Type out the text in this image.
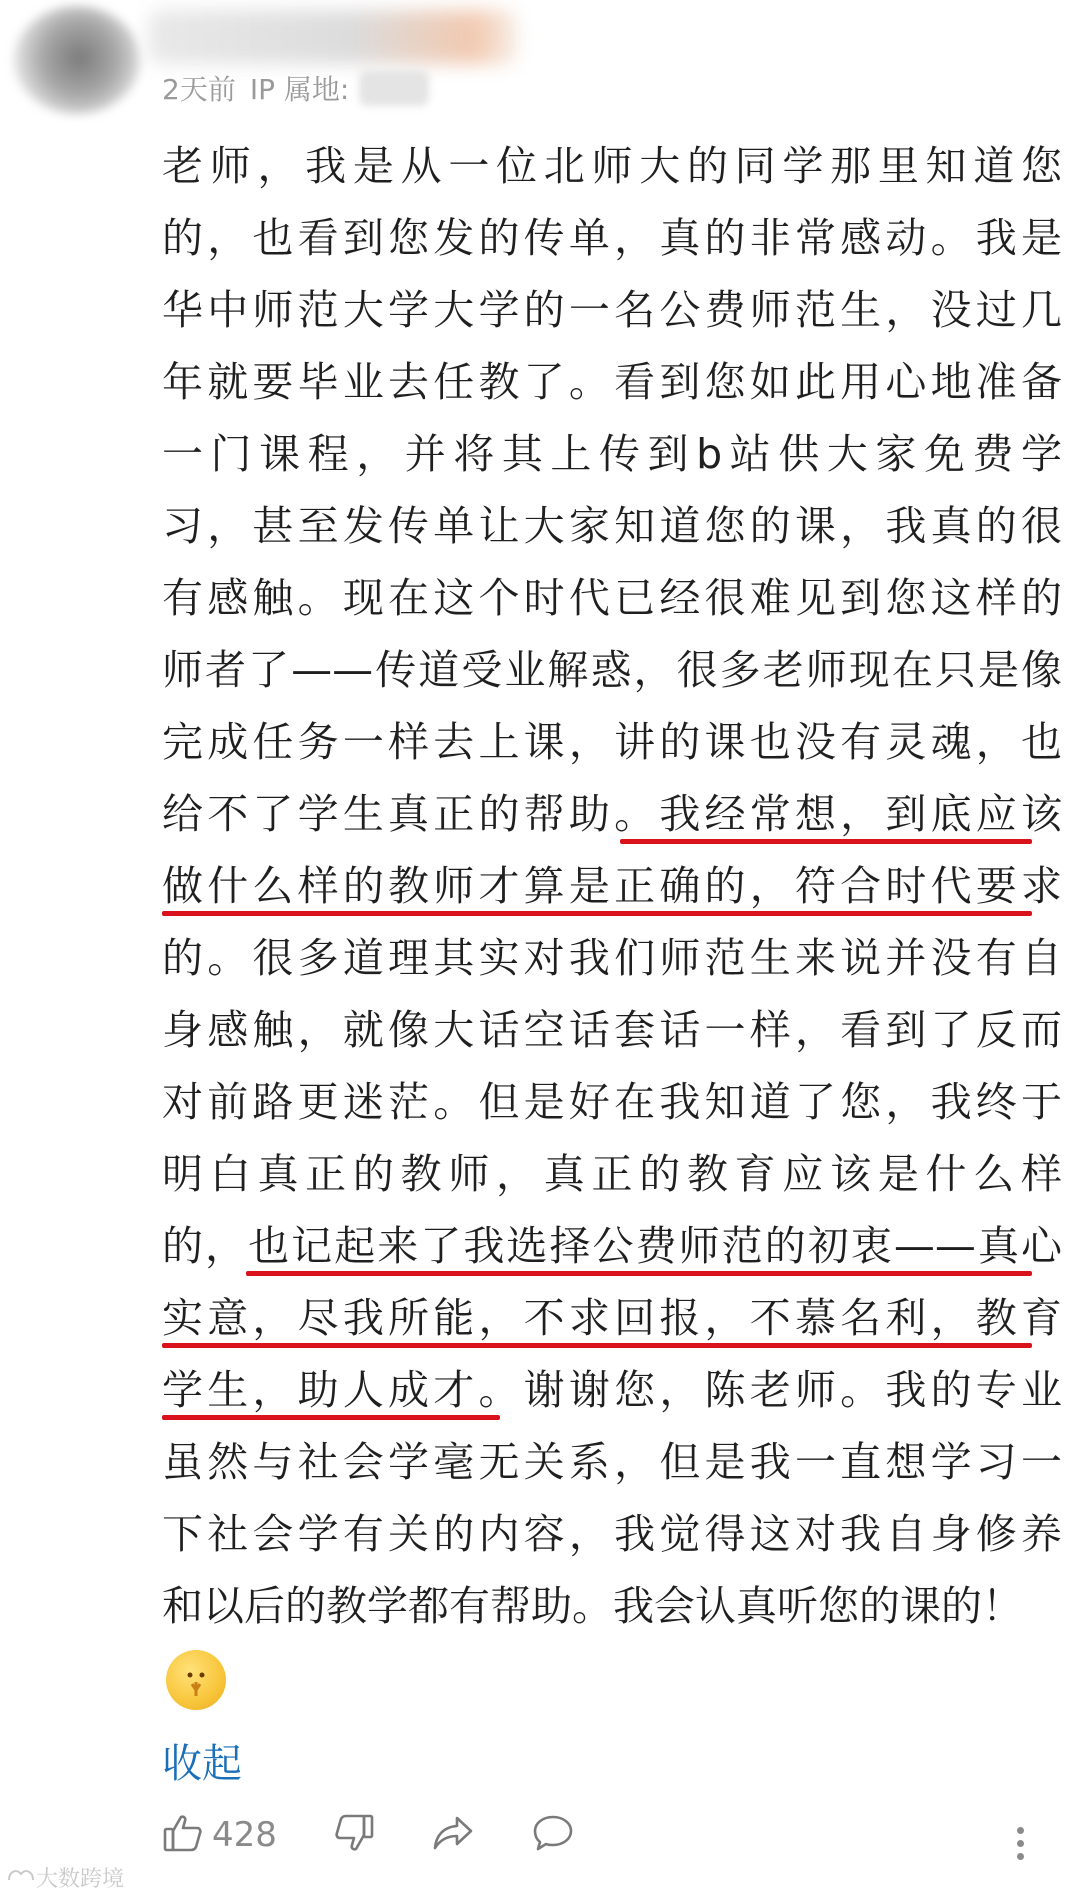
2天前 IP 属地:
老师，我是从一位北师大的同学那里知道您
的，也看到您发的传单，真的非常感动。我是
华中师范大学大学的一名公费师范生，没过几
年就要毕业去任教了。看到您如此用心地准备
一门课程，并将其上传到b站供大家免费学
习，甚至发传单让大家知道您的课，我真的很
有感触。现在这个时代已经很难见到您这样的
师者了——传道受业解惑，很多老师现在只是像
完成任务一样去上课，讲的课也没有灵魂，也
给不了学生真正的帮助。我经常想，到底应该
做什么样的教师才算是正确的，符合时代要求
的。很多道理其实对我们师范生来说并没有自
身感触，就像大话空话套话一样，看到了反而
对前路更迷茫。但是好在我知道了您，我终于
明白真正的教师，真正的教育应该是什么样
的，也记起来了我选择公费师范的初衷——真心
实意，尽我所能，不求回报，不慕名利，教育
学生，助人成才。谢谢您，陈老师。我的专业
虽然与社会学毫无关系，但是我一直想学习一
下社会学有关的内容，我觉得这对我自身修养
和以后的教学都有帮助。我会认真听您的课的！
收起
428
大数跨境
